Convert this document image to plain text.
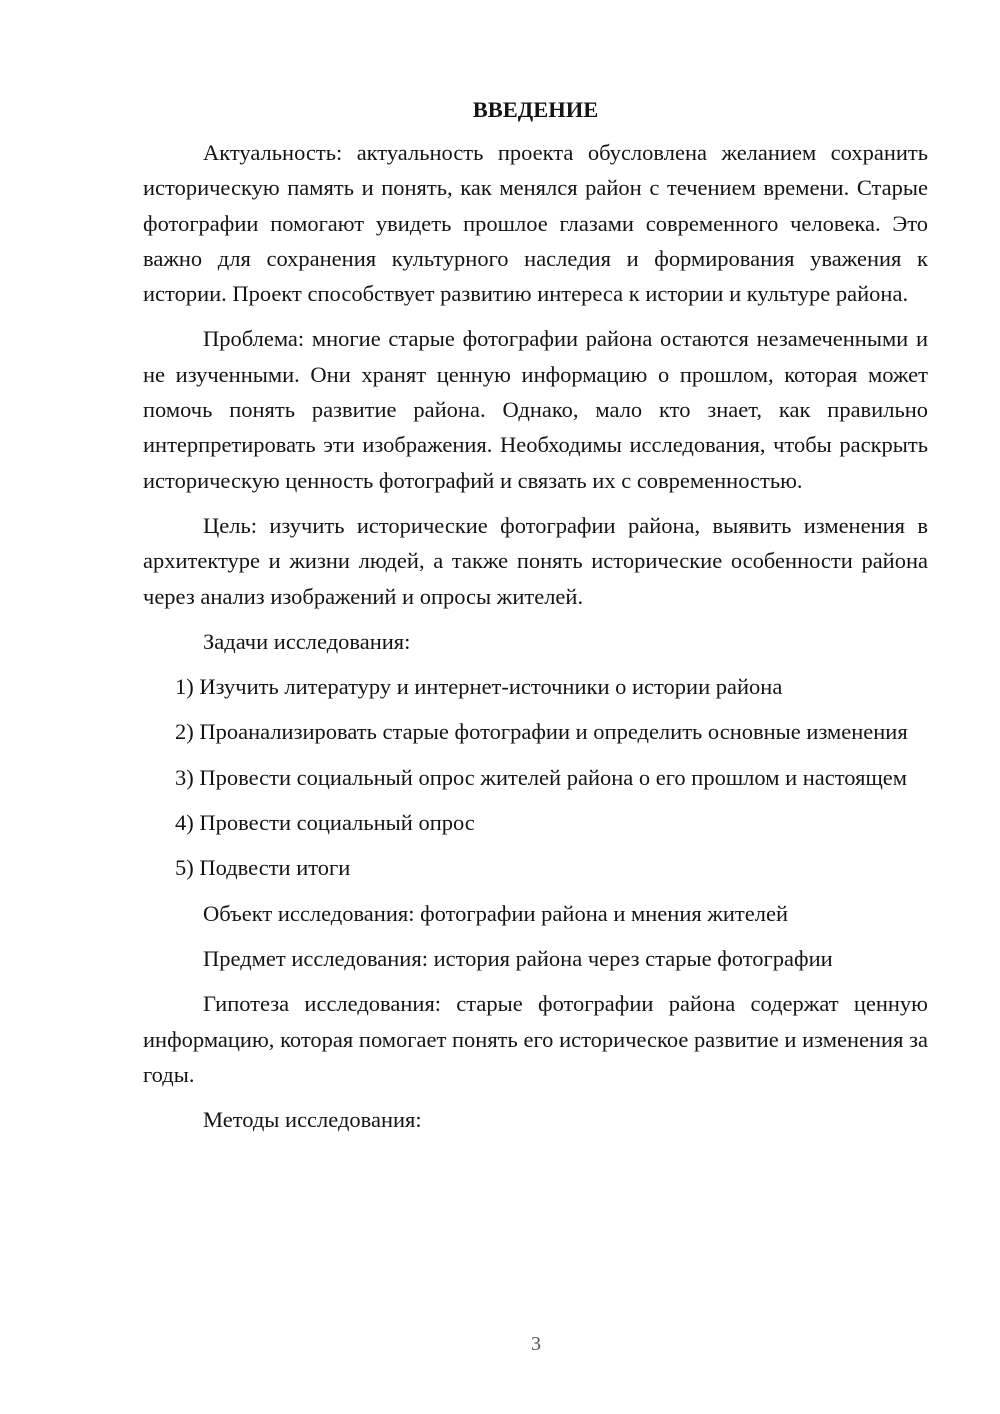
ВВЕДЕНИЕ

Актуальность: актуальность проекта обусловлена желанием сохранить историческую память и понять, как менялся район с течением времени. Старые фотографии помогают увидеть прошлое глазами современного человека. Это важно для сохранения культурного наследия и формирования уважения к истории. Проект способствует развитию интереса к истории и культуре района.

Проблема: многие старые фотографии района остаются незамеченными и не изученными. Они хранят ценную информацию о прошлом, которая может помочь понять развитие района. Однако, мало кто знает, как правильно интерпретировать эти изображения. Необходимы исследования, чтобы раскрыть историческую ценность фотографий и связать их с современностью.

Цель: изучить исторические фотографии района, выявить изменения в архитектуре и жизни людей, а также понять исторические особенности района через анализ изображений и опросы жителей.

Задачи исследования:

1) Изучить литературу и интернет-источники о истории района

2) Проанализировать старые фотографии и определить основные изменения

3) Провести социальный опрос жителей района о его прошлом и настоящем

4) Провести социальный опрос

5) Подвести итоги

Объект исследования: фотографии района и мнения жителей

Предмет исследования: история района через старые фотографии

Гипотеза исследования: старые фотографии района содержат ценную информацию, которая помогает понять его историческое развитие и изменения за годы.

Методы исследования:

3
